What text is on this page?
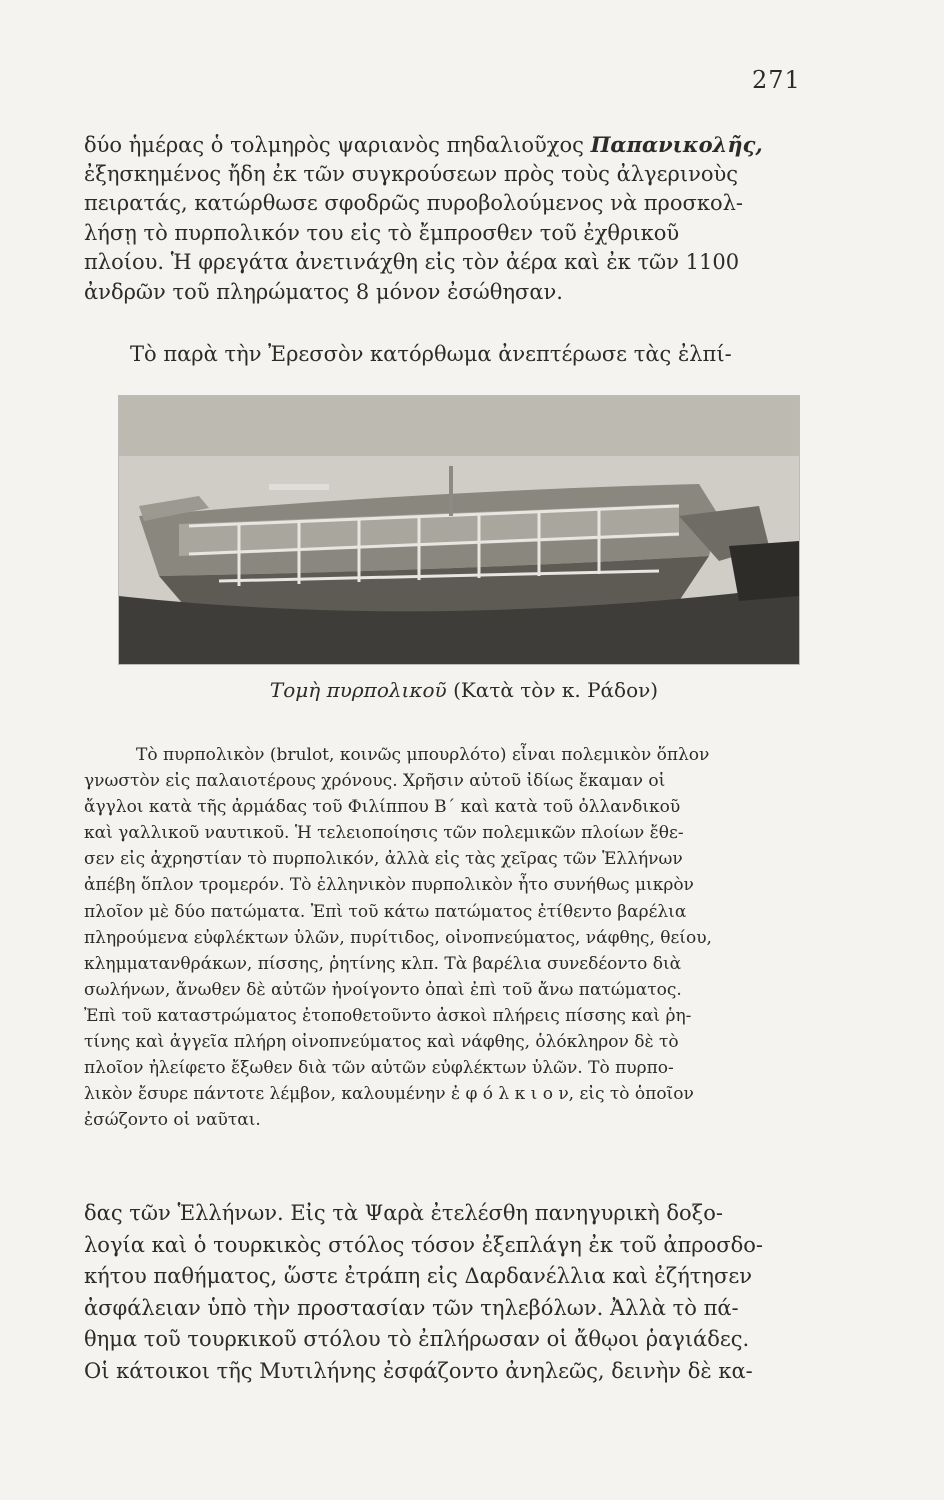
271
δύο ἡμέρας ὁ τολμηρὸς ψαριανὸς πηδαλιοῦχος Παπανικολῆς,
ἐξησκημένος ἤδη ἐκ τῶν συγκρούσεων πρὸς τοὺς ἀλγερινοὺς
πειρατάς, κατώρθωσε σφοδρῶς πυροβολούμενος νὰ προσκολ-
λήσῃ τὸ πυρπολικόν του εἰς τὸ ἔμπροσθεν τοῦ ἐχθρικοῦ
πλοίου. Ἡ φρεγάτα ἀνετινάχθη εἰς τὸν ἀέρα καὶ ἐκ τῶν 1100
ἀνδρῶν τοῦ πληρώματος 8 μόνον ἐσώθησαν.
Τὸ παρὰ τὴν Ἐρεσσὸν κατόρθωμα ἀνεπτέρωσε τὰς ἐλπί-
Τομὴ πυρπολικοῦ (Κατὰ τὸν κ. Ράδον)
Τὸ πυρπολικὸν (brulot, κοινῶς μπουρλότο) εἶναι πολεμικὸν ὅπλον
γνωστὸν εἰς παλαιοτέρους χρόνους. Χρῆσιν αὐτοῦ ἰδίως ἔκαμαν οἱ
ἄγγλοι κατὰ τῆς ἀρμάδας τοῦ Φιλίππου Β΄ καὶ κατὰ τοῦ ὀλλανδικοῦ
καὶ γαλλικοῦ ναυτικοῦ. Ἡ τελειοποίησις τῶν πολεμικῶν πλοίων ἔθε-
σεν εἰς ἀχρηστίαν τὸ πυρπολικόν, ἀλλὰ εἰς τὰς χεῖρας τῶν Ἑλλήνων
ἀπέβη ὅπλον τρομερόν. Τὸ ἑλληνικὸν πυρπολικὸν ἦτο συνήθως μικρὸν
πλοῖον μὲ δύο πατώματα. Ἐπὶ τοῦ κάτω πατώματος ἐτίθεντο βαρέλια
πληρούμενα εὐφλέκτων ὑλῶν, πυρίτιδος, οἰνοπνεύματος, νάφθης, θείου,
κλημματανθράκων, πίσσης, ῥητίνης κλπ. Τὰ βαρέλια συνεδέοντο διὰ
σωλήνων, ἄνωθεν δὲ αὐτῶν ἠνοίγοντο ὀπαὶ ἐπὶ τοῦ ἄνω πατώματος.
Ἐπὶ τοῦ καταστρώματος ἐτοποθετοῦντο ἀσκοὶ πλήρεις πίσσης καὶ ῥη-
τίνης καὶ ἀγγεῖα πλήρη οἰνοπνεύματος καὶ νάφθης, ὁλόκληρον δὲ τὸ
πλοῖον ἠλείφετο ἔξωθεν διὰ τῶν αὐτῶν εὐφλέκτων ὑλῶν. Τὸ πυρπο-
λικὸν ἔσυρε πάντοτε λέμβον, καλουμένην ἐ φ ό λ κ ι ο ν, εἰς τὸ ὁποῖον
ἐσώζοντο οἱ ναῦται.
δας τῶν Ἑλλήνων. Εἰς τὰ Ψαρὰ ἐτελέσθη πανηγυρικὴ δοξο-
λογία καὶ ὁ τουρκικὸς στόλος τόσον ἐξεπλάγη ἐκ τοῦ ἀπροσδο-
κήτου παθήματος, ὥστε ἐτράπη εἰς Δαρδανέλλια καὶ ἐζήτησεν
ἀσφάλειαν ὑπὸ τὴν προστασίαν τῶν τηλεβόλων. Ἀλλὰ τὸ πά-
θημα τοῦ τουρκικοῦ στόλου τὸ ἐπλήρωσαν οἱ ἄθῳοι ῥαγιάδες.
Οἱ κάτοικοι τῆς Μυτιλήνης ἐσφάζοντο ἀνηλεῶς, δεινὴν δὲ κα-
